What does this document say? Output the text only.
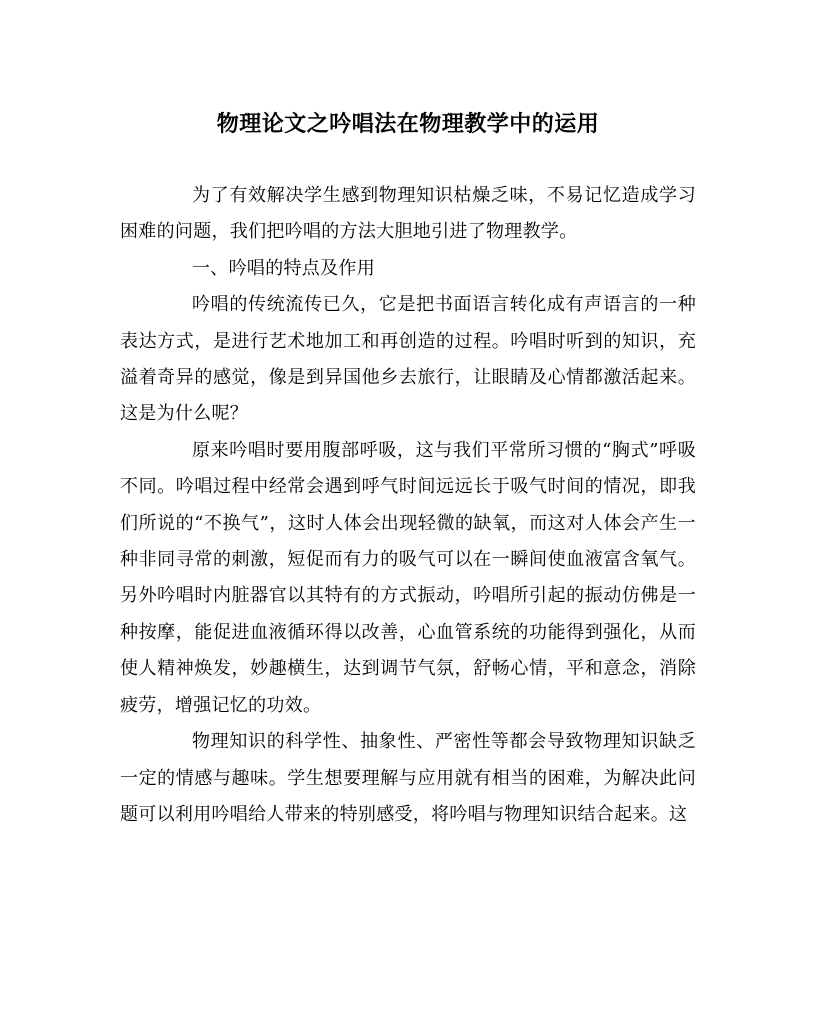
物理论文之吟唱法在物理教学中的运用

为了有效解决学生感到物理知识枯燥乏味，不易记忆造成学习困难的问题，我们把吟唱的方法大胆地引进了物理教学。

一、吟唱的特点及作用

吟唱的传统流传已久，它是把书面语言转化成有声语言的一种表达方式，是进行艺术地加工和再创造的过程。吟唱时听到的知识，充溢着奇异的感觉，像是到异国他乡去旅行，让眼睛及心情都激活起来。这是为什么呢？

原来吟唱时要用腹部呼吸，这与我们平常所习惯的“胸式”呼吸不同。吟唱过程中经常会遇到呼气时间远远长于吸气时间的情况，即我们所说的“不换气”，这时人体会出现轻微的缺氧，而这对人体会产生一种非同寻常的刺激，短促而有力的吸气可以在一瞬间使血液富含氧气。另外吟唱时内脏器官以其特有的方式振动，吟唱所引起的振动仿佛是一种按摩，能促进血液循环得以改善，心血管系统的功能得到强化，从而使人精神焕发，妙趣横生，达到调节气氛，舒畅心情，平和意念，消除疲劳，增强记忆的功效。

物理知识的科学性、抽象性、严密性等都会导致物理知识缺乏一定的情感与趣味。学生想要理解与应用就有相当的困难，为解决此问题可以利用吟唱给人带来的特别感受，将吟唱与物理知识结合起来。这
